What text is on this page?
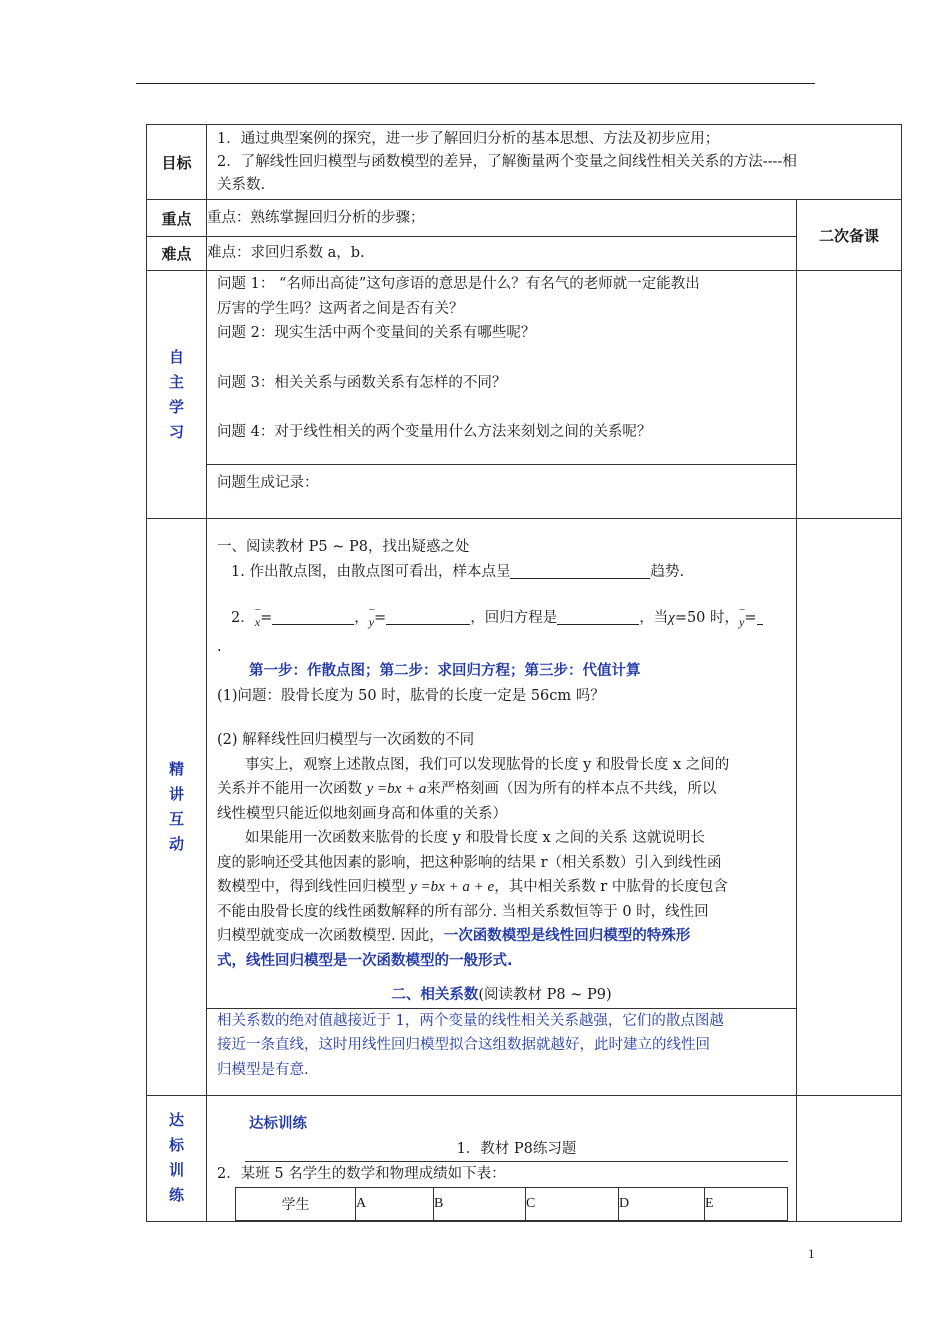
目标	
1．通过典型案例的探究，进一步了解回归分析的基本思想、方法及初步应用；
2．了解线性回归模型与函数模型的差异，了解衡量两个变量之间线性相关关系的方法----相
关系数.

重点	重点：熟练掌握回归分析的步骤；	二次备课
难点	难点：求回归系数 a，b.

自
主
学
习

问题 1： “名师出高徒”这句彦语的意思是什么？有名气的老师就一定能教出
厉害的学生吗？这两者之间是否有关？
问题 2：现实生活中两个变量间的关系有哪些呢？
问题 3：相关关系与函数关系有怎样的不同？
问题 4：对于线性相关的两个变量用什么方法来刻划之间的关系呢？
问题生成记录：

精
讲
互
动

一、阅读教材 P5 ~ P8，找出疑惑之处
1. 作出散点图，由散点图可看出，样本点呈	趋势.
2．− x=	，− y=	，回归方程是	，当χ=50 时，− y=
.
第一步：作散点图；第二步：求回归方程；第三步：代值计算
(1)问题：股骨长度为 50 时，肱骨的长度一定是 56cm 吗？
(2) 解释线性回归模型与一次函数的不同
事实上，观察上述散点图，我们可以发现肱骨的长度 y 和股骨长度 x 之间的
关系并不能用一次函数 y =bx + a来严格刻画（因为所有的样本点不共线，所以
线性模型只能近似地刻画身高和体重的关系）
如果能用一次函数来肱骨的长度 y 和股骨长度 x 之间的关系 这就说明长
度的影响还受其他因素的影响，把这种影响的结果 r（相关系数）引入到线性函
数模型中，得到线性回归模型 y =bx + a + e，其中相关系数 r 中肱骨的长度包含
不能由股骨长度的线性函数解释的所有部分. 当相关系数恒等于 0 时，线性回
归模型就变成一次函数模型. 因此，一次函数模型是线性回归模型的特殊形
式，线性回归模型是一次函数模型的一般形式.
二、相关系数(阅读教材 P8 ~ P9)
相关系数的绝对值越接近于 1，两个变量的线性相关关系越强，它们的散点图越
接近一条直线，这时用线性回归模型拟合这组数据就越好，此时建立的线性回
归模型是有意.

达
标
训
练

达标训练
1．教材 P8练习题
2．某班 5 名学生的数学和物理成绩如下表：
学生	A	B	C	D	E

1
